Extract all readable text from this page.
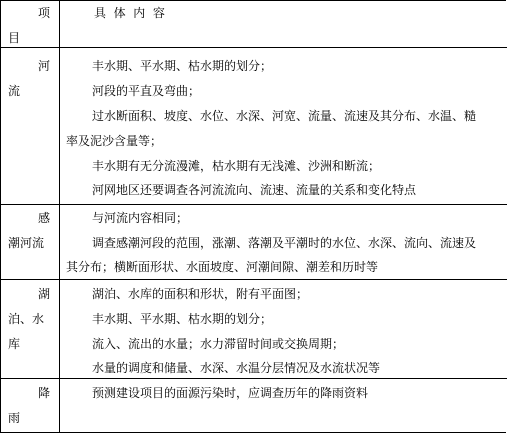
项
目
具  体  内  容
河
流
丰水期、平水期、枯水期的划分；
河段的平直及弯曲；
过水断面积、坡度、水位、水深、河宽、流量、流速及其分布、水温、糙
率及泥沙含量等；
丰水期有无分流漫滩，枯水期有无浅滩、沙洲和断流；
河网地区还要调查各河流流向、流速、流量的关系和变化特点
感
潮河流
与河流内容相同；
调查感潮河段的范围，涨潮、落潮及平潮时的水位、水深、流向、流速及
其分布；横断面形状、水面坡度、河潮间隙、潮差和历时等
湖
泊、水
库
湖泊、水库的面积和形状，附有平面图；
丰水期、平水期、枯水期的划分；
流入、流出的水量；水力滞留时间或交换周期；
水量的调度和储量、水深、水温分层情况及水流状况等
降
雨
预测建设项目的面源污染时，应调查历年的降雨资料
